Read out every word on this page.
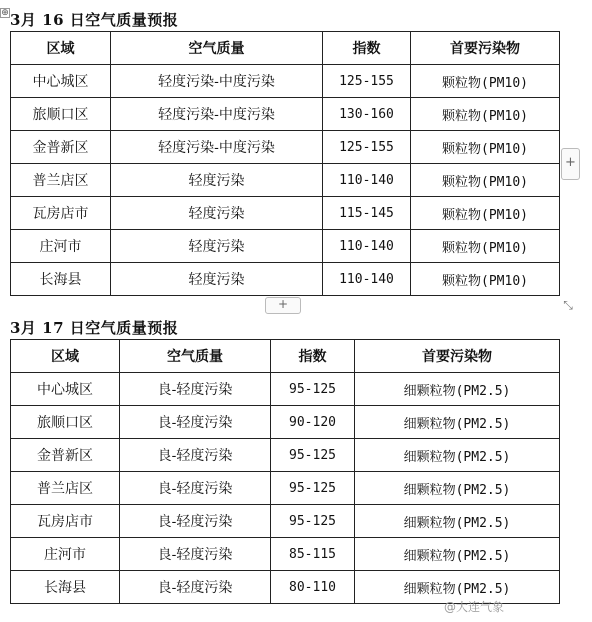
⊕ 3月 16 日空气质量预报
区域	空气质量	指数	首要污染物
中心城区	轻度污染-中度污染	125-155	颗粒物(PM10)
旅顺口区	轻度污染-中度污染	130-160	颗粒物(PM10)
金普新区	轻度污染-中度污染	125-155	颗粒物(PM10)
普兰店区	轻度污染	110-140	颗粒物(PM10)
瓦房店市	轻度污染	115-145	颗粒物(PM10)
庄河市	轻度污染	110-140	颗粒物(PM10)
长海县	轻度污染	110-140	颗粒物(PM10)
+
+	⤡
3月 17 日空气质量预报
区域	空气质量	指数	首要污染物
中心城区	良-轻度污染	95-125	细颗粒物(PM2.5)
旅顺口区	良-轻度污染	90-120	细颗粒物(PM2.5)
金普新区	良-轻度污染	95-125	细颗粒物(PM2.5)
普兰店区	良-轻度污染	95-125	细颗粒物(PM2.5)
瓦房店市	良-轻度污染	95-125	细颗粒物(PM2.5)
庄河市	良-轻度污染	85-115	细颗粒物(PM2.5)
长海县	良-轻度污染	80-110	细颗粒物(PM2.5)
@大连气象
